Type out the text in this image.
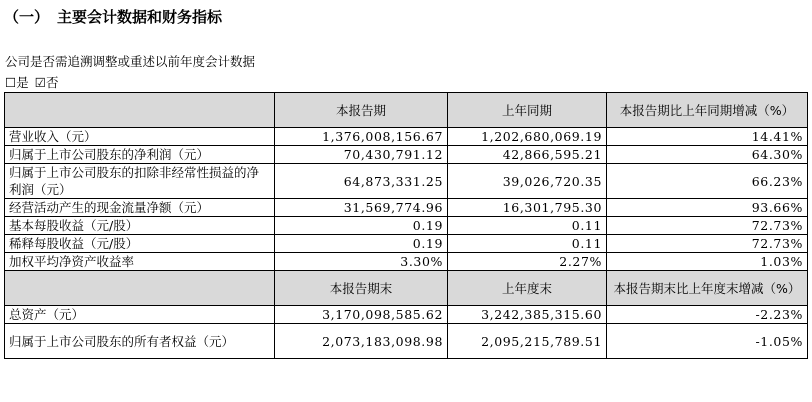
（一） 主要会计数据和财务指标
公司是否需追溯调整或重述以前年度会计数据
☐是 ☑否
	本报告期	上年同期	本报告期比上年同期增减（%）
营业收入（元）	1,376,008,156.67	1,202,680,069.19	14.41%
归属于上市公司股东的净利润（元）	70,430,791.12	42,866,595.21	64.30%
归属于上市公司股东的扣除非经常性损益的净利润（元）	64,873,331.25	39,026,720.35	66.23%
经营活动产生的现金流量净额（元）	31,569,774.96	16,301,795.30	93.66%
基本每股收益（元/股）	0.19	0.11	72.73%
稀释每股收益（元/股）	0.19	0.11	72.73%
加权平均净资产收益率	3.30%	2.27%	1.03%
	本报告期末	上年度末	本报告期末比上年度末增减（%）
总资产（元）	3,170,098,585.62	3,242,385,315.60	-2.23%
归属于上市公司股东的所有者权益（元）	2,073,183,098.98	2,095,215,789.51	-1.05%
